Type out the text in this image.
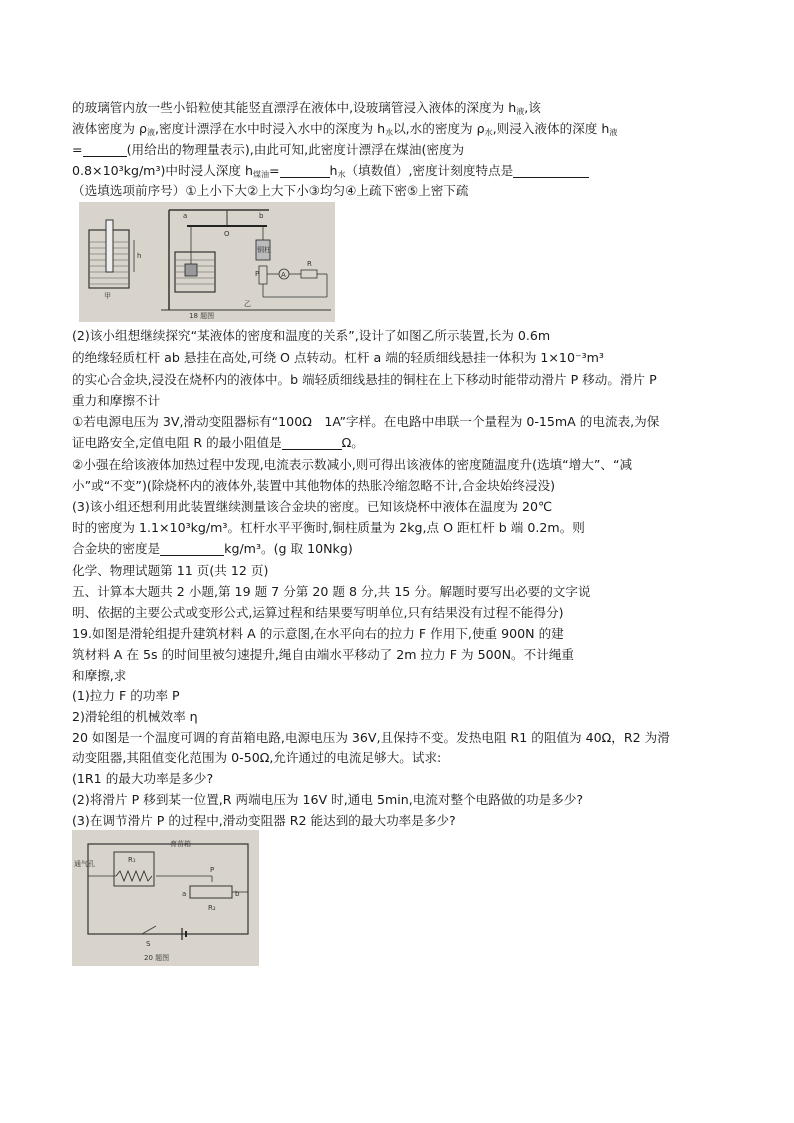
的玻璃管内放一些小铅粒使其能竖直漂浮在液体中,设玻璃管浸入液体的深度为 $h_液$,该
液体密度为 $\rho_液$,密度计漂浮在水中时浸入水中的深度为 $h_水$以,水的密度为 $\rho_水$,则浸入液体的深度 $h_液$
=	(用给出的物理量表示),由此可知,此密度计漂浮在煤油(密度为
0.8×10³kg/m³)中时浸人深度 $h_{煤油}=$	$h_水$（填数值）,密度计刻度特点是
（选填选项前序号）①上小下大②上大下小③均匀④上疏下密⑤上密下疏
h
甲
a
O
b
铜柱
P	A
R
乙
18 题图
(2)该小组想继续探究“某液体的密度和温度的关系”,设计了如图乙所示装置,长为 0.6m
的绝缘轻质杠杆 ab 悬挂在高处,可绕 O 点转动。杠杆 a 端的轻质细线悬挂一体积为 1×10⁻³m³
的实心合金块,浸没在烧杯内的液体中。b 端轻质细线悬挂的铜柱在上下移动时能带动滑片 P 移动。滑片 P
重力和摩擦不计
①若电源电压为 3V,滑动变阻器标有“100Ω　1A”字样。在电路中串联一个量程为 0-15mA 的电流表,为保
证电路安全,定值电阻 R 的最小阻值是	Ω。
②小强在给该液体加热过程中发现,电流表示数减小,则可得出该液体的密度随温度升(选填“增大”、“减
小”或“不变”)(除烧杯内的液体外,装置中其他物体的热胀冷缩忽略不计,合金块始终浸没)
(3)该小组还想利用此装置继续测量该合金块的密度。已知该烧杯中液体在温度为 20℃
时的密度为 1.1×10³kg/m³。杠杆水平平衡时,铜柱质量为 2kg,点 O 距杠杆 b 端 0.2m。则
合金块的密度是	kg/m³。(g 取 10Nkg)
化学、物理试题第 11 页(共 12 页)
五、计算本大题共 2 小题,第 19 题 7 分第 20 题 8 分,共 15 分。解题时要写出必要的文字说
明、依据的主要公式或变形公式,运算过程和结果要写明单位,只有结果没有过程不能得分)
19.如图是滑轮组提升建筑材料 A 的示意图,在水平向右的拉力 F 作用下,使重 900N 的建
筑材料 A 在 5s 的时间里被匀速提升,绳自由端水平移动了 2m 拉力 F 为 500N。不计绳重
和摩擦,求
(1)拉力 F 的功率 P
2)滑轮组的机械效率 η
20 如图是一个温度可调的育苗箱电路,电源电压为 36V,且保持不变。发热电阻 R1 的阻值为 40Ω，R2 为滑
动变阻器,其阻值变化范围为 0-50Ω,允许通过的电流足够大。试求:
(1R1 的最大功率是多少?
(2)将滑片 P 移到某一位置,R 两端电压为 16V 时,通电 5min,电流对整个电路做的功是多少?
(3)在调节滑片 P 的过程中,滑动变阻器 R2 能达到的最大功率是多少?
通气孔
育苗箱
R₁
P
a
R₂
b
S
20 题图
